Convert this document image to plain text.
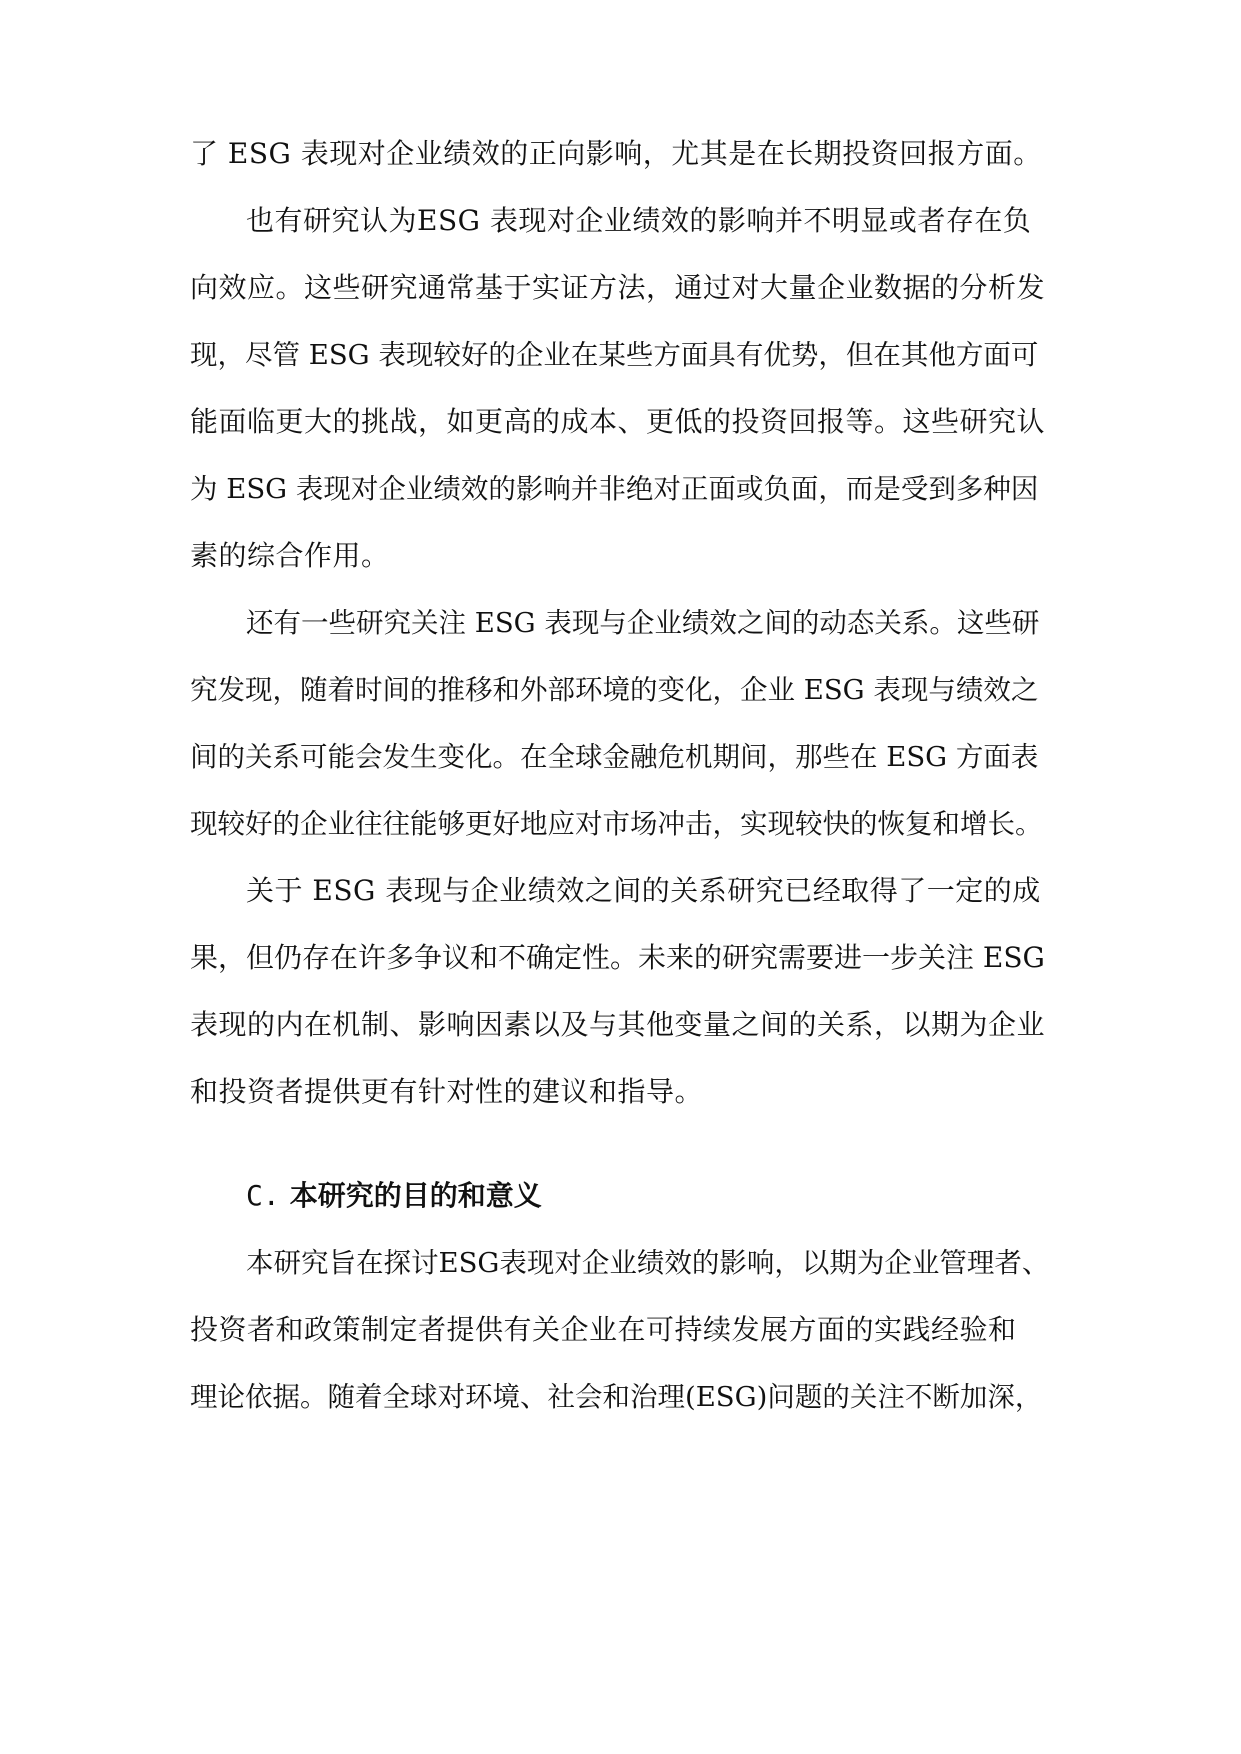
了 ESG 表现对企业绩效的正向影响，尤其是在长期投资回报方面。
也有研究认为ESG 表现对企业绩效的影响并不明显或者存在负
向效应。这些研究通常基于实证方法，通过对大量企业数据的分析发
现，尽管 ESG 表现较好的企业在某些方面具有优势，但在其他方面可
能面临更大的挑战，如更高的成本、更低的投资回报等。这些研究认
为 ESG 表现对企业绩效的影响并非绝对正面或负面，而是受到多种因
素的综合作用。
还有一些研究关注 ESG 表现与企业绩效之间的动态关系。这些研
究发现，随着时间的推移和外部环境的变化，企业 ESG 表现与绩效之
间的关系可能会发生变化。在全球金融危机期间，那些在 ESG 方面表
现较好的企业往往能够更好地应对市场冲击，实现较快的恢复和增长。
关于 ESG 表现与企业绩效之间的关系研究已经取得了一定的成
果，但仍存在许多争议和不确定性。未来的研究需要进一步关注 ESG
表现的内在机制、影响因素以及与其他变量之间的关系，以期为企业
和投资者提供更有针对性的建议和指导。
C. 本研究的目的和意义
本研究旨在探讨ESG表现对企业绩效的影响，以期为企业管理者、
投资者和政策制定者提供有关企业在可持续发展方面的实践经验和
理论依据。随着全球对环境、社会和治理(ESG)问题的关注不断加深，
